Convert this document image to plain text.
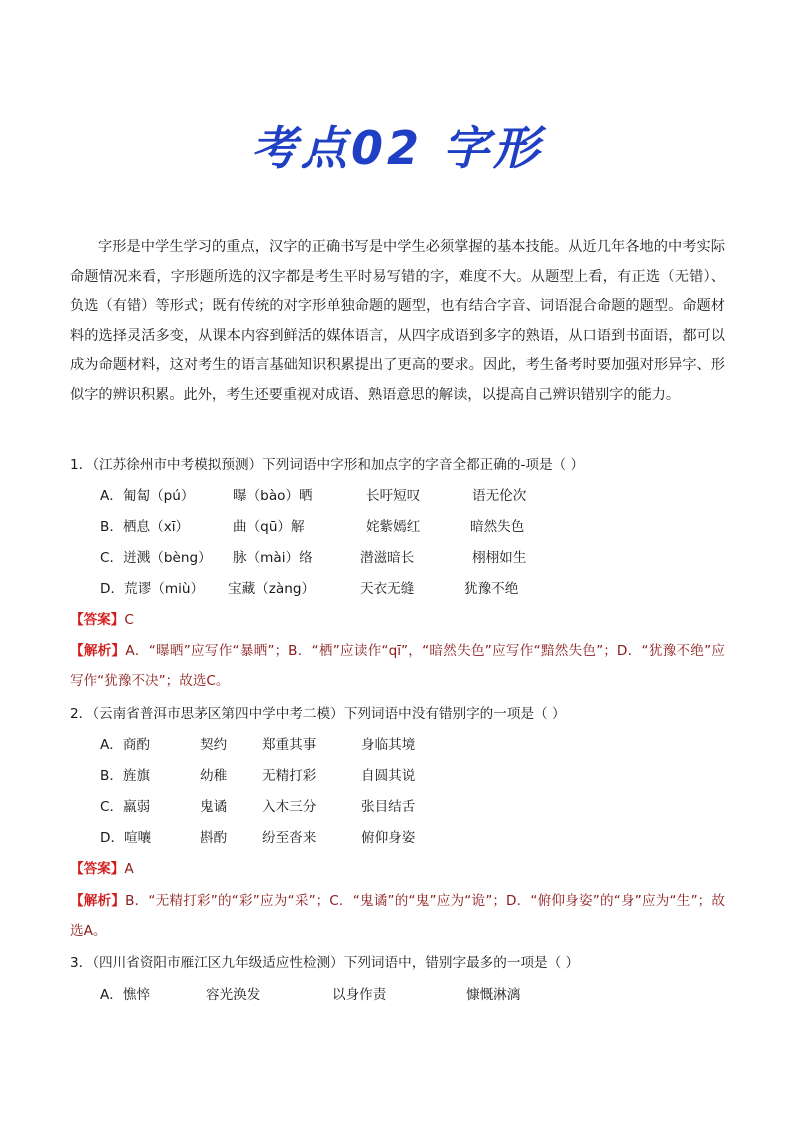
考点02 字形
字形是中学生学习的重点，汉字的正确书写是中学生必须掌握的基本技能。从近几年各地的中考实际命题情况来看，字形题所选的汉字都是考生平时易写错的字，难度不大。从题型上看，有正选（无错）、负选（有错）等形式；既有传统的对字形单独命题的题型，也有结合字音、词语混合命题的题型。命题材料的选择灵活多变，从课本内容到鲜活的媒体语言，从四字成语到多字的熟语，从口语到书面语，都可以成为命题材料，这对考生的语言基础知识积累提出了更高的要求。因此，考生备考时要加强对形异字、形似字的辨识积累。此外，考生还要重视对成语、熟语意思的解读，以提高自己辨识错别字的能力。
1．（江苏徐州市中考模拟预测）下列词语中字形和加点字的字音全都正确的-项是（ ）
A．匍匐（pú）	曝（bào）晒	长吁短叹	语无伦次
B．栖息（xī）	曲（qū）解	姹紫嫣红	暗然失色
C．迸溅（bèng） 脉（mài）络	潜滋暗长	栩栩如生
D．荒谬（miù） 宝藏（zàng）	天衣无缝	犹豫不绝
【答案】C
【解析】A．“曝晒”应写作“暴晒”；B．“栖”应读作“qī”，“暗然失色”应写作“黯然失色”；D．“犹豫不绝”应写作“犹豫不决”；故选C。
2．（云南省普洱市思茅区第四中学中考二模）下列词语中没有错别字的一项是（ ）
A．商酌	契约	郑重其事	身临其境
B．旌旗	幼稚	无精打彩	自圆其说
C．羸弱	鬼谲	入木三分	张目结舌
D．喧嚷	斟酌	纷至沓来	俯仰身姿
【答案】A
【解析】B．“无精打彩”的“彩”应为“采”；C．“鬼谲”的“鬼”应为“诡”；D．“俯仰身姿”的“身”应为“生”；故选A。
3．（四川省资阳市雁江区九年级适应性检测）下列词语中，错别字最多的一项是（ ）
A．憔悴	容光涣发	以身作责	慷慨淋漓
